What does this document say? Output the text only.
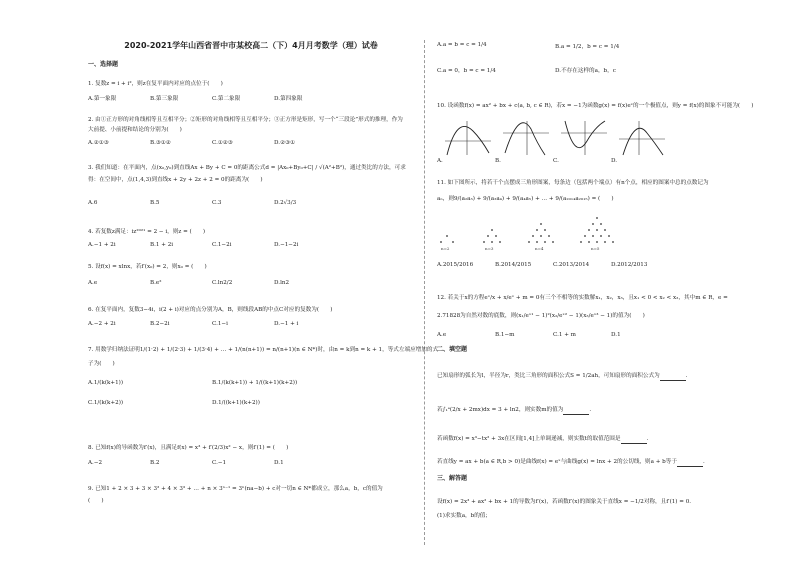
2020-2021学年山西省晋中市某校高二（下）4月月考数学（理）试卷
一、选择题
1. 复数z = i + i²，则z在复平面内对应的点位于(　　)
A.第一象限	B.第三象限	C.第二象限	D.第四象限
2. 由①正方形的对角线相等且互相平分；②矩形的对角线相等且互相平分；③正方形是矩形，写一个“三段论”形式的推理，作为
大前提、小前提和结论的分别为(　　)
A.②①③	B.③①②	C.①②③	D.②③①
3. 我们知道：在平面内，点(x₀,y₀)到直线Ax + By + C = 0的距离公式d = |Ax₀+By₀+C| / √(A²+B²)，通过类比的方法，可求
得：在空间中，点(1,4,3)到直线x + 2y + 2z + 2 = 0的距离为(　　)
A.6	B.5	C.3	D.2√3/3
4. 若复数z满足：iz²⁰²¹ = 2 − i，则z = (　　)
A.−1 + 2i	B.1 + 2i	C.1−2i	D.−1−2i
5. 设f(x) = xlnx，若f′(x₀) = 2，则x₀ = (　　)
A.e	B.e²	C.ln2/2	D.ln2
6. 在复平面内，复数3−4i，i(2 + i)对应的点分别为A，B，则线段AB的中点C对应的复数为(　　)
A.−2 + 2i	B.2−2i	C.1−i	D.−1 + i
7. 用数学归纳法证明1/(1·2) + 1/(2·3) + 1/(3·4) + … + 1/(n(n+1)) = n/(n+1)(n ∈ N*)时，由n = k到n = k + 1，等式左端应增加的式
子为(　　)
A.1/(k(k+1))	B.1/(k(k+1)) + 1/((k+1)(k+2))
C.1/(k(k+2))	D.1/((k+1)(k+2))
8. 已知f(x)的导函数为f′(x)，且满足f(x) = x³ + f′(2/3)x² − x，则f′(1) = (　　)
A.−2	B.2	C.−1	D.1
9. 已知1 + 2 × 3 + 3 × 3² + 4 × 3³ + … + n × 3ⁿ⁻¹ = 3ⁿ(na−b) + c对一切n ∈ N*都成立，那么a，b，c的值为
(　　)
A.a = b = c = 1/4	B.a = 1/2，b = c = 1/4
C.a = 0，b = c = 1/4	D.不存在这样的a，b，c
10. 设函数f(x) = ax² + bx + c(a, b, c ∈ R)，若x = −1为函数g(x) = f(x)eˣ的一个极值点，则y = f(x)的图象不可能为(　　)
A.	B.	C.	D.
11. 如下图所示，将若干个点摆成三角形图案，每条边（包括两个端点）有n个点，相应的图案中总的点数记为
aₙ，则9/(a₂a₃) + 9/(a₃a₄) + 9/(a₄a₅) + … + 9/(a₂₀₁₄a₂₀₁₅) = (　　)
n=2	n=3	n=4	n=5
A.2015/2016	B.2014/2015	C.2013/2014	D.2012/2013
12. 若关于x的方程eˣ/x + x/eˣ + m = 0有三个不相等的实数解x₁，x₂，x₃，且x₁ < 0 < x₂ < x₃，其中m ∈ R，e =
2.71828为自然对数的底数，则(x₁/eˣ¹ − 1)²(x₂/eˣ² − 1)(x₃/eˣ³ − 1)的值为(　　)
A.e	B.1−m	C.1 + m	D.1
二、填空题
已知扇形的弧长为l，半径为r，类比三角形的面积公式S = 1/2ah，可知扇形的面积公式为	.
若∫₁ᵃ(2/x + 2mx)dx = 3 + ln2，则实数m的值为	.
若函数f(x) = x³−tx² + 3x在区间[1,4]上单调递减，则实数t的取值范围是	.
若直线y = ax + b(a ∈ R,b > 0)是曲线f(x) = eˣ与曲线g(x) = lnx + 2的公切线，则a + b等于	.
三、解答题
设f(x) = 2x³ + ax² + bx + 1的导数为f′(x)，若函数f′(x)的图象关于直线x = −1/2对称，且f′(1) = 0.
(1)求实数a，b的值；
